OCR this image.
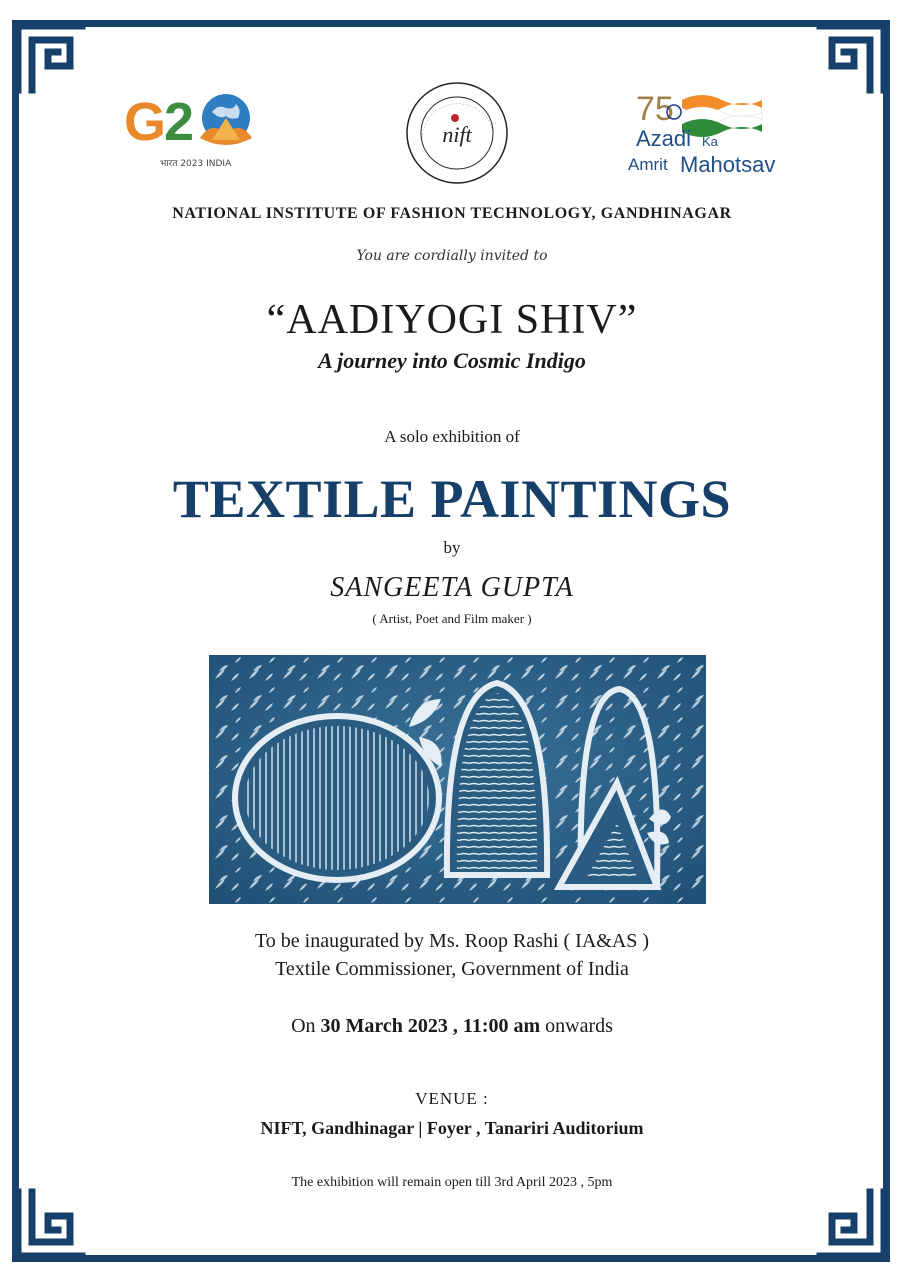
G
2
भारत 2023 INDIA
nift
75
Azadi Ka
Amrit Mahotsav
NATIONAL INSTITUTE OF FASHION TECHNOLOGY, GANDHINAGAR
You are cordially invited to
“AADIYOGI SHIV”
A journey into Cosmic Indigo
A solo exhibition of
TEXTILE PAINTINGS
by
SANGEETA GUPTA
( Artist, Poet and Film maker )
To be inaugurated by Ms. Roop Rashi ( IA&AS )
Textile Commissioner, Government of India
On 30 March 2023 , 11:00 am onwards
VENUE :
NIFT, Gandhinagar | Foyer , Tanariri Auditorium
The exhibition will remain open till 3rd April 2023 , 5pm
